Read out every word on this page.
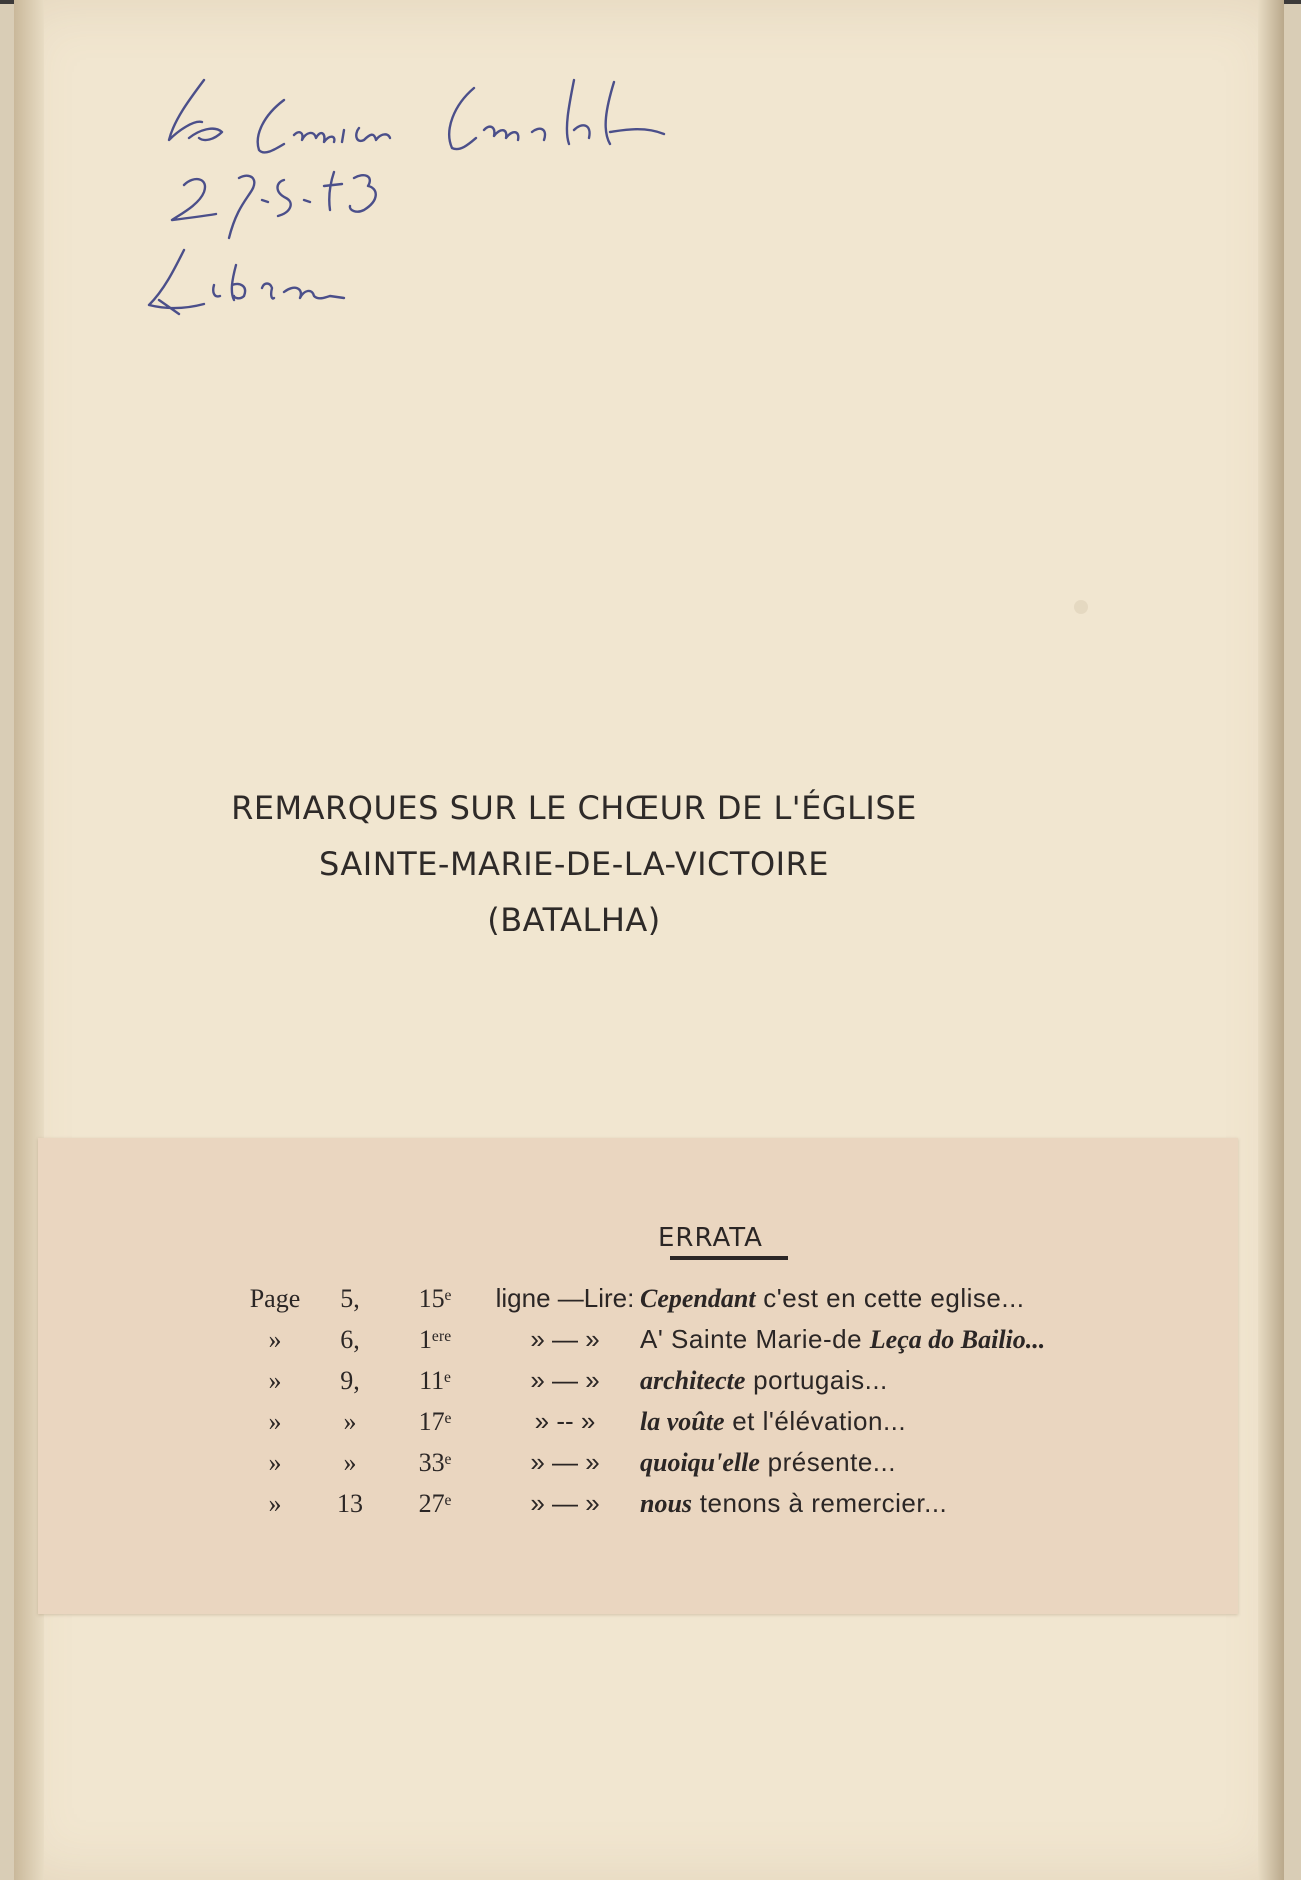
REMARQUES SUR LE CHŒUR DE L'ÉGLISE
SAINTE-MARIE-DE-LA-VICTOIRE
(BATALHA)
ERRATA
Page	5,	15ᵉ	ligne —Lire:	Cependant c'est en cette eglise...
»	6,	1ᵉʳᵉ	» — »	A' Sainte Marie-de Leça do Bailio...
»	9,	11ᵉ	» — »	architecte portugais...
»	»	17ᵉ	» -- »	la voûte et l'élévation...
»	»	33ᵉ	» — »	quoiqu'elle présente...
»	13	27ᵉ	» — »	nous tenons à remercier...
